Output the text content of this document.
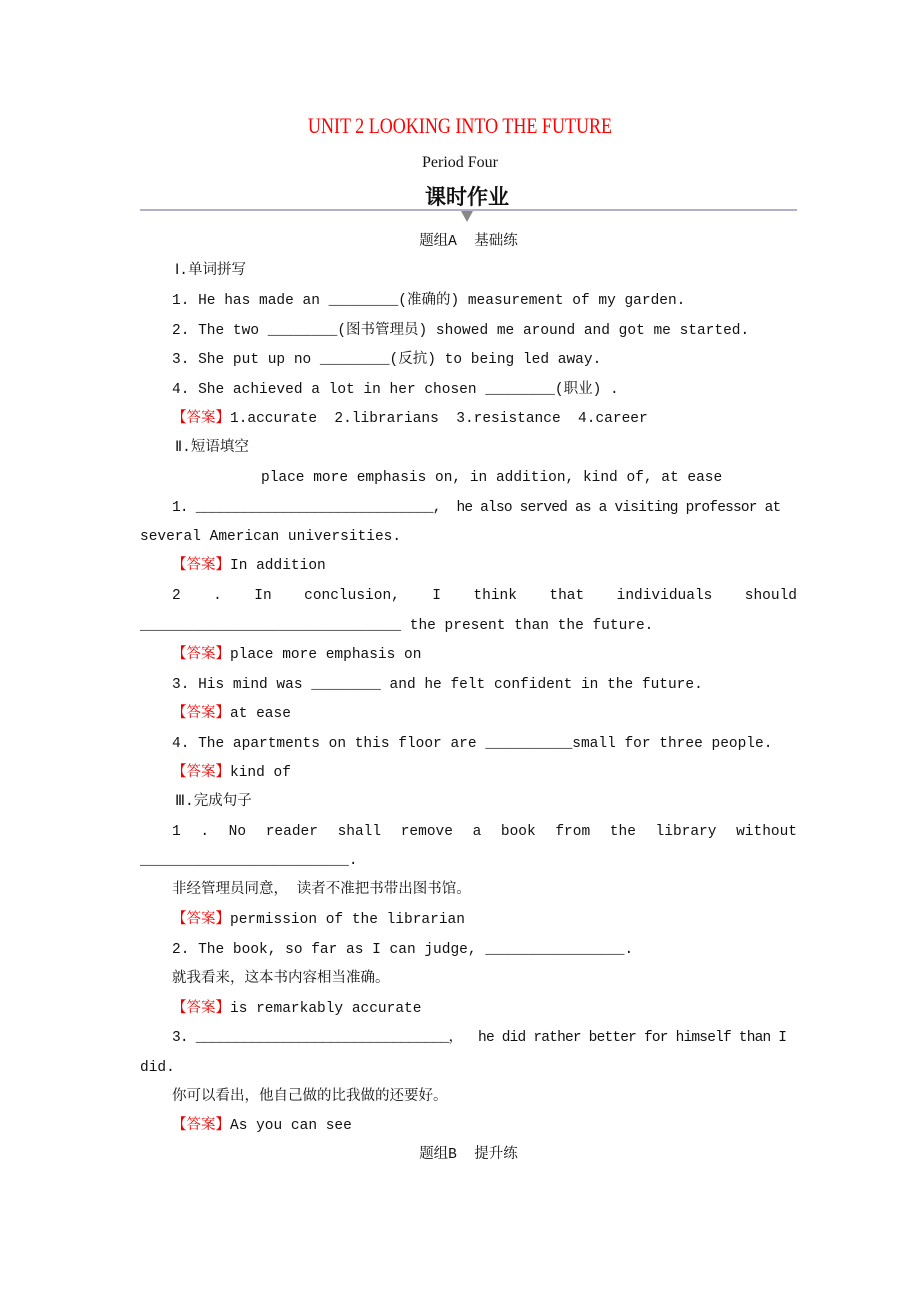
UNIT 2 LOOKING INTO THE FUTURE
Period Four
课时作业
题组A  基础练
Ⅰ.单词拼写
1. He has made an ________(准确的) measurement of my garden.
2. The two ________(图书管理员) showed me around and got me started.
3. She put up no ________(反抗) to being led away.
4. She achieved a lot in her chosen ________(职业) .
【答案】1.accurate  2.librarians  3.resistance  4.career
Ⅱ.短语填空
place more emphasis on, in addition, kind of, at ease
1. ______________________________,  he also served as a visiting professor at
several American universities.
【答案】In addition
2 . In conclusion, I think that individuals should
______________________________ the present than the future.
【答案】place more emphasis on
3. His mind was ________ and he felt confident in the future.
【答案】at ease
4. The apartments on this floor are __________small for three people.
【答案】kind of
Ⅲ.完成句子
1 . No reader shall remove a book from the library without
________________________.
非经管理员同意， 读者不准把书带出图书馆。
【答案】permission of the librarian
2. The book, so far as I can judge, ________________.
就我看来，这本书内容相当准确。
【答案】is remarkably accurate
3. ________________________________，  he did rather better for himself than I
did.
你可以看出，他自己做的比我做的还要好。
【答案】As you can see
题组B  提升练
